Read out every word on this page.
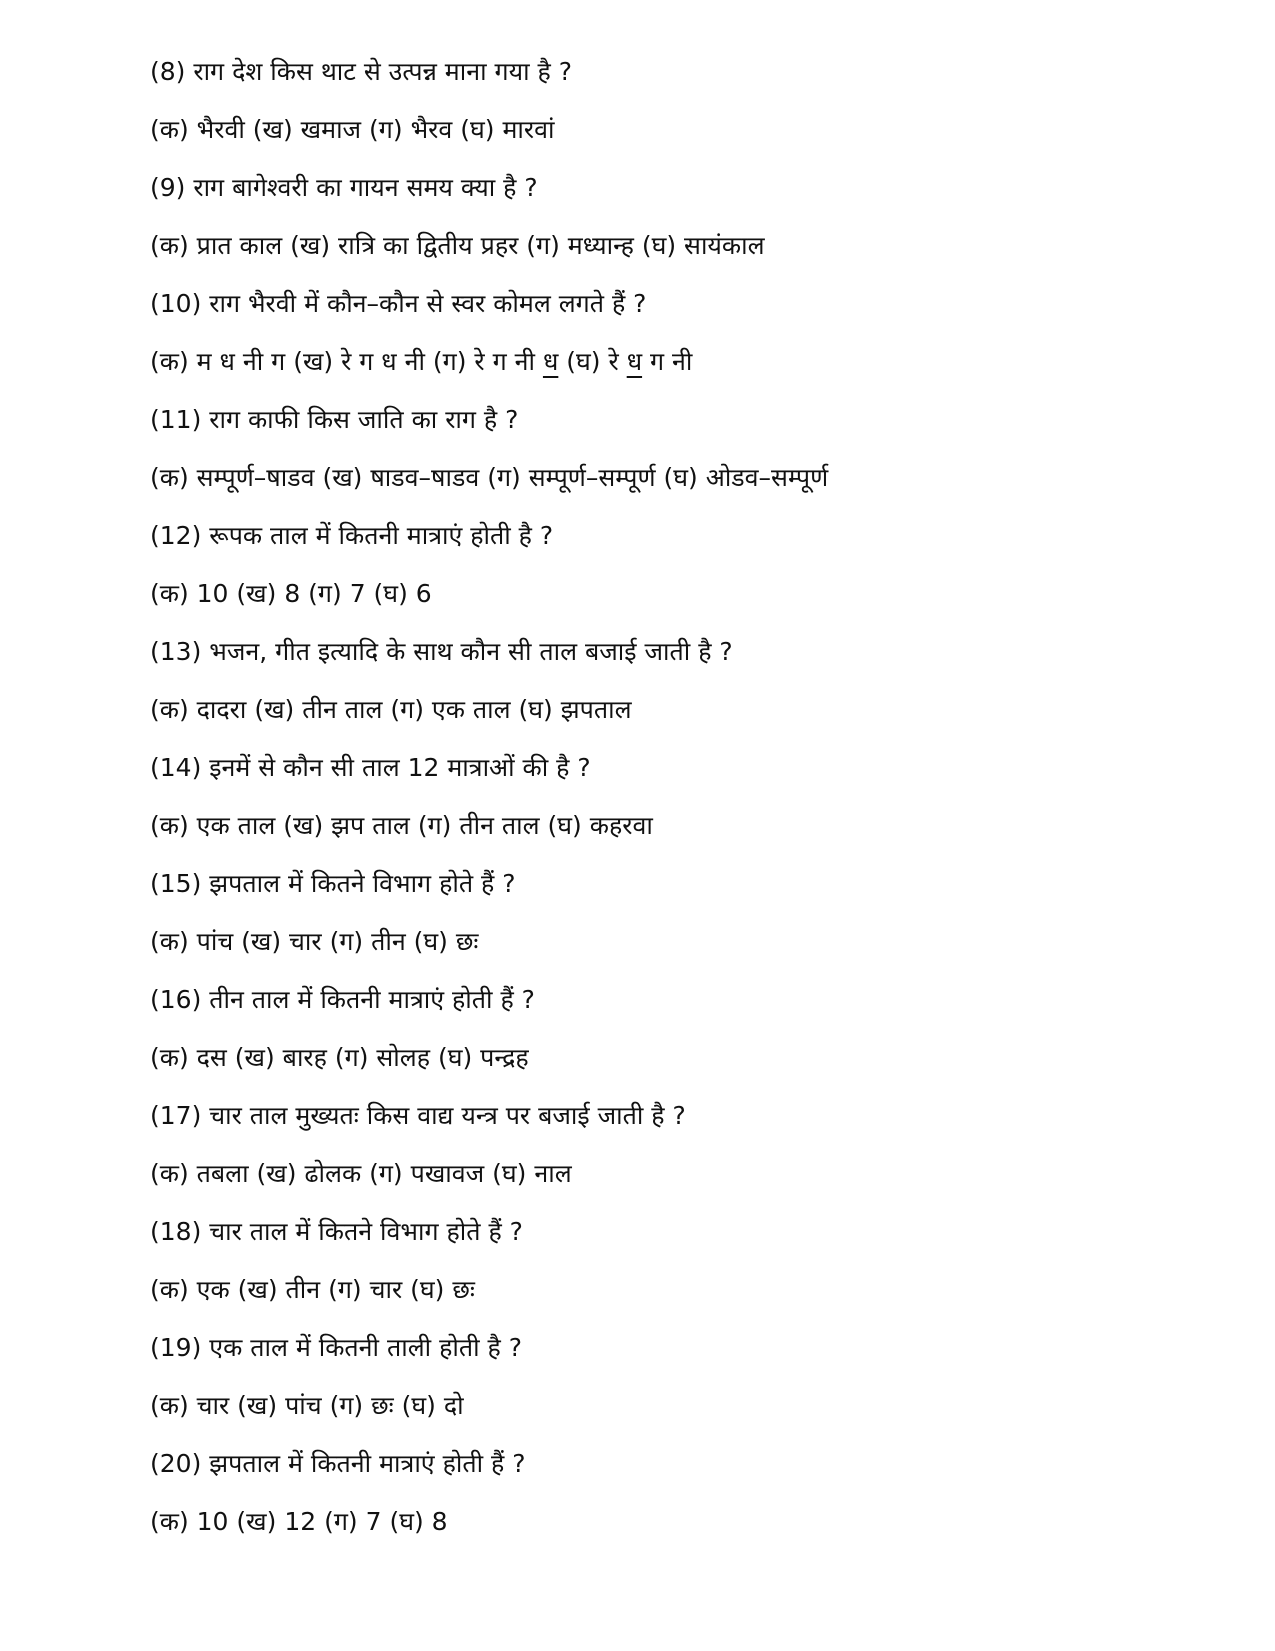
(8) राग देश किस थाट से उत्पन्न माना गया है ?
(क) भैरवी (ख) खमाज (ग) भैरव (घ) मारवां
(9) राग बागेश्वरी का गायन समय क्या है ?
(क) प्रात काल (ख) रात्रि का द्वितीय प्रहर (ग) मध्यान्ह (घ) सायंकाल
(10) राग भैरवी में कौन–कौन से स्वर कोमल लगते हैं ?
(क) म ध नी ग (ख) रे ग ध नी (ग) रे ग नी ध (घ) रे ध ग नी
(11) राग काफी किस जाति का राग है ?
(क) सम्पूर्ण–षाडव (ख) षाडव–षाडव (ग) सम्पूर्ण–सम्पूर्ण (घ) ओडव–सम्पूर्ण
(12) रूपक ताल में कितनी मात्राएं होती है ?
(क) 10 (ख) 8 (ग) 7 (घ) 6
(13) भजन, गीत इत्यादि के साथ कौन सी ताल बजाई जाती है ?
(क) दादरा (ख) तीन ताल (ग) एक ताल (घ) झपताल
(14) इनमें से कौन सी ताल 12 मात्राओं की है ?
(क) एक ताल (ख) झप ताल (ग) तीन ताल (घ) कहरवा
(15) झपताल में कितने विभाग होते हैं ?
(क) पांच (ख) चार (ग) तीन (घ) छः
(16) तीन ताल में कितनी मात्राएं होती हैं ?
(क) दस (ख) बारह (ग) सोलह (घ) पन्द्रह
(17) चार ताल मुख्यतः किस वाद्य यन्त्र पर बजाई जाती है ?
(क) तबला (ख) ढोलक (ग) पखावज (घ) नाल
(18) चार ताल में कितने विभाग होते हैं ?
(क) एक (ख) तीन (ग) चार (घ) छः
(19) एक ताल में कितनी ताली होती है ?
(क) चार (ख) पांच (ग) छः (घ) दो
(20) झपताल में कितनी मात्राएं होती हैं ?
(क) 10 (ख) 12 (ग) 7 (घ) 8
